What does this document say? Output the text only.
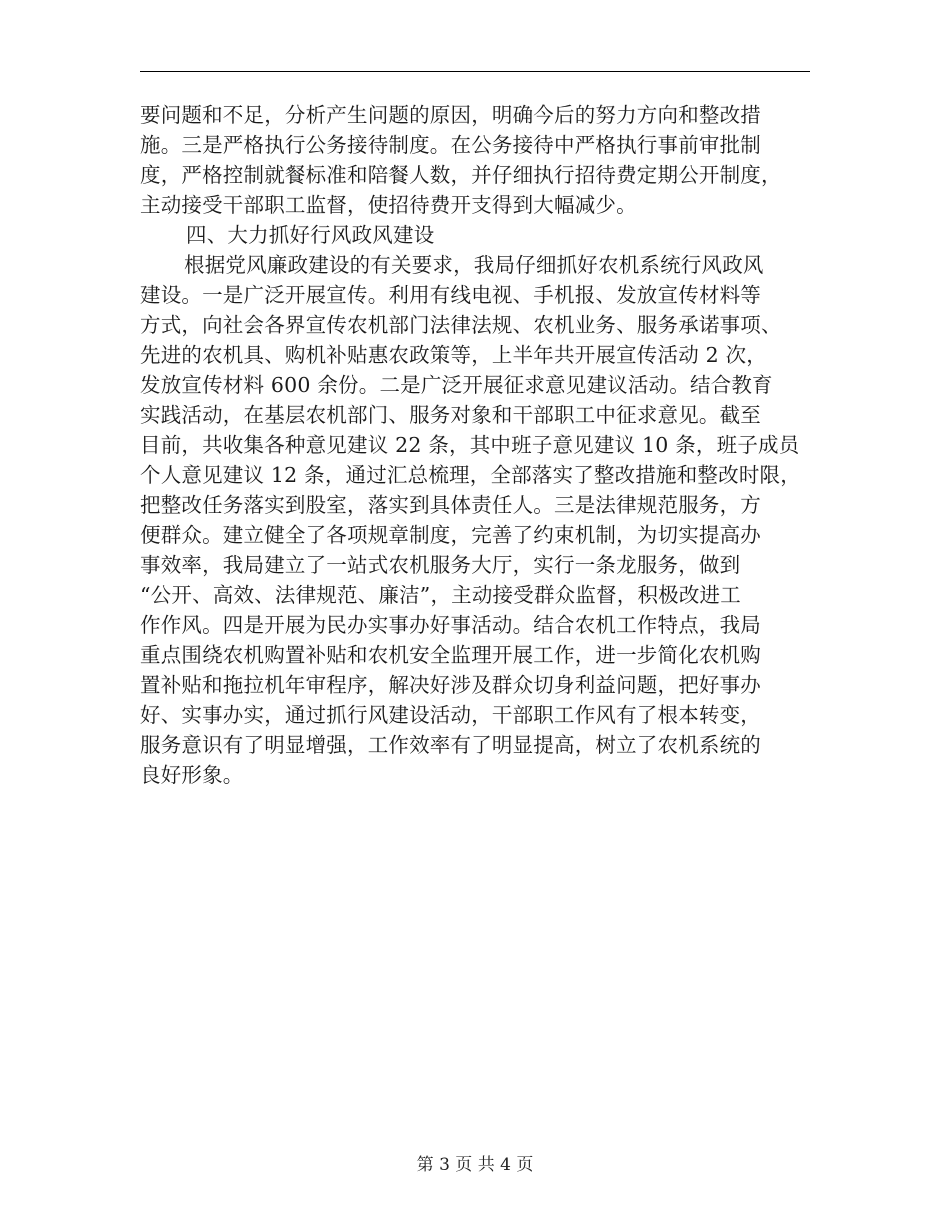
要问题和不足，分析产生问题的原因，明确今后的努力方向和整改措
施。三是严格执行公务接待制度。在公务接待中严格执行事前审批制
度，严格控制就餐标准和陪餐人数，并仔细执行招待费定期公开制度，
主动接受干部职工监督，使招待费开支得到大幅减少。
四、大力抓好行风政风建设
根据党风廉政建设的有关要求，我局仔细抓好农机系统行风政风
建设。一是广泛开展宣传。利用有线电视、手机报、发放宣传材料等
方式，向社会各界宣传农机部门法律法规、农机业务、服务承诺事项、
先进的农机具、购机补贴惠农政策等，上半年共开展宣传活动 2 次，
发放宣传材料 600 余份。二是广泛开展征求意见建议活动。结合教育
实践活动，在基层农机部门、服务对象和干部职工中征求意见。截至
目前，共收集各种意见建议 22 条，其中班子意见建议 10 条，班子成员
个人意见建议 12 条，通过汇总梳理，全部落实了整改措施和整改时限，
把整改任务落实到股室，落实到具体责任人。三是法律规范服务，方
便群众。建立健全了各项规章制度，完善了约束机制，为切实提高办
事效率，我局建立了一站式农机服务大厅，实行一条龙服务，做到
“公开、高效、法律规范、廉洁”，主动接受群众监督，积极改进工
作作风。四是开展为民办实事办好事活动。结合农机工作特点，我局
重点围绕农机购置补贴和农机安全监理开展工作，进一步简化农机购
置补贴和拖拉机年审程序，解决好涉及群众切身利益问题，把好事办
好、实事办实，通过抓行风建设活动，干部职工作风有了根本转变，
服务意识有了明显增强，工作效率有了明显提高，树立了农机系统的
良好形象。
第 3 页 共 4 页
